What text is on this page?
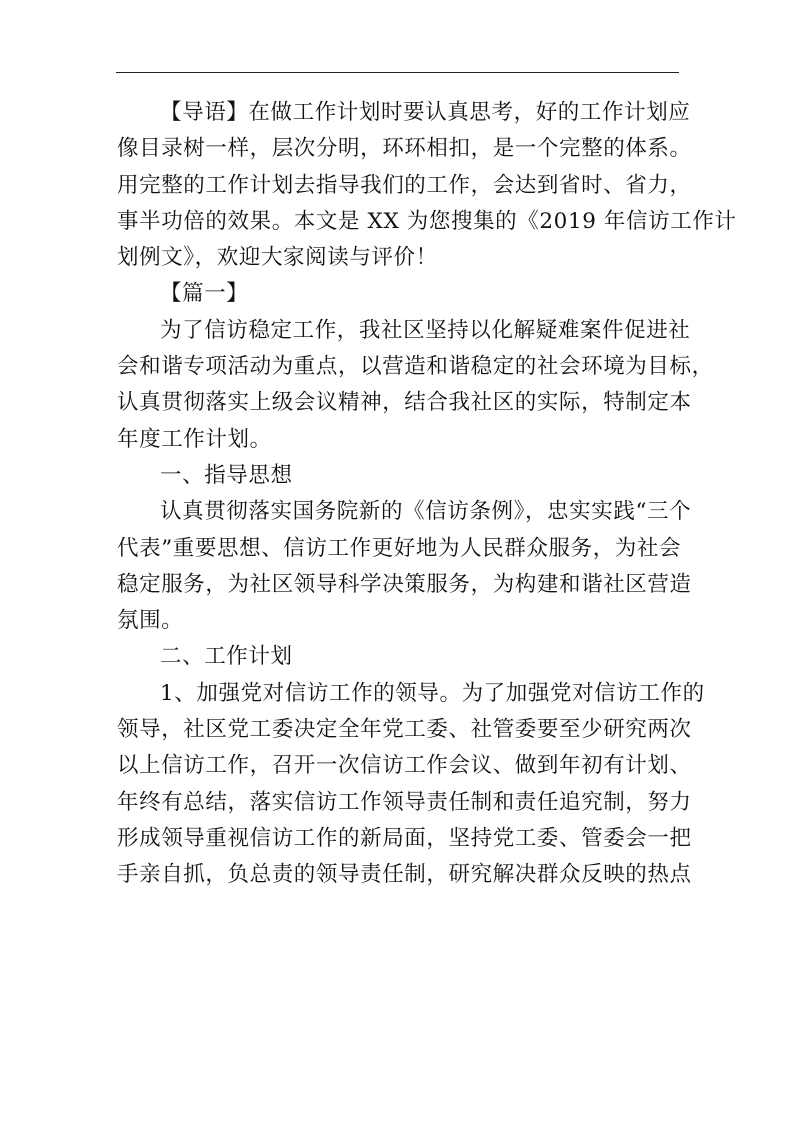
【导语】在做工作计划时要认真思考，好的工作计划应

像目录树一样，层次分明，环环相扣，是一个完整的体系。

用完整的工作计划去指导我们的工作，会达到省时、省力，

事半功倍的效果。本文是 XX 为您搜集的《2019 年信访工作计

划例文》，欢迎大家阅读与评价！

【篇一】

为了信访稳定工作，我社区坚持以化解疑难案件促进社

会和谐专项活动为重点，以营造和谐稳定的社会环境为目标，

认真贯彻落实上级会议精神，结合我社区的实际，特制定本

年度工作计划。

一、指导思想

认真贯彻落实国务院新的《信访条例》，忠实实践“三个

代表”重要思想、信访工作更好地为人民群众服务，为社会

稳定服务，为社区领导科学决策服务，为构建和谐社区营造

氛围。

二、工作计划

1、加强党对信访工作的领导。为了加强党对信访工作的

领导，社区党工委决定全年党工委、社管委要至少研究两次

以上信访工作，召开一次信访工作会议、做到年初有计划、

年终有总结，落实信访工作领导责任制和责任追究制，努力

形成领导重视信访工作的新局面，坚持党工委、管委会一把

手亲自抓，负总责的领导责任制，研究解决群众反映的热点
